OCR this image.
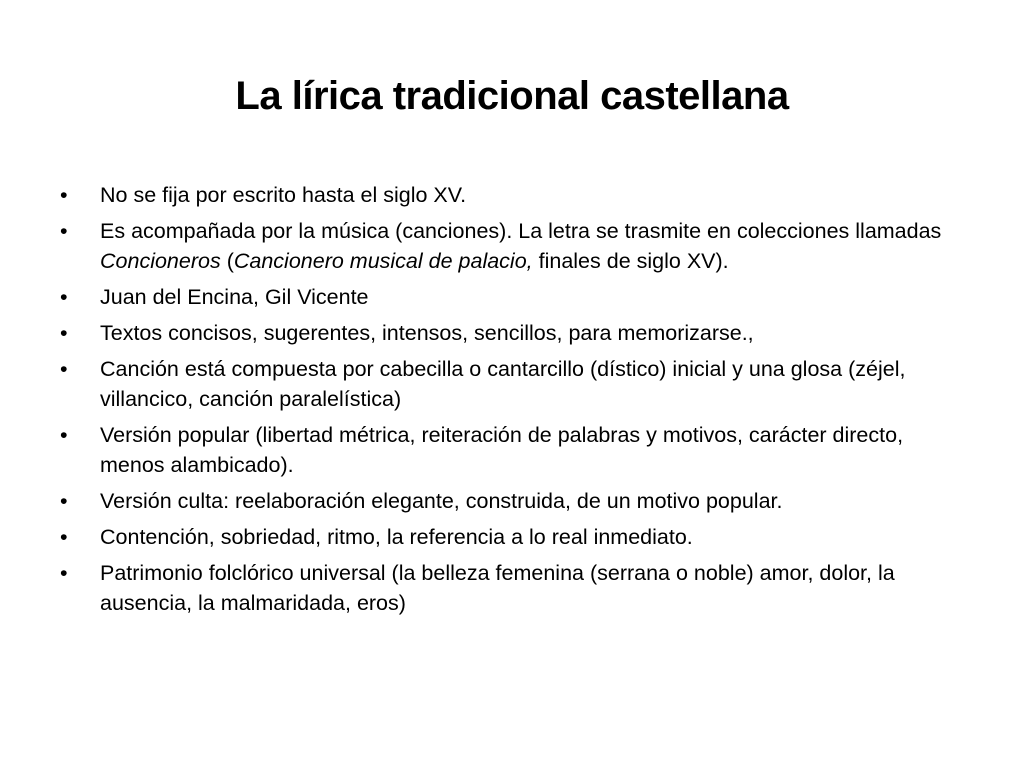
La lírica tradicional castellana
•	No se fija por escrito hasta el siglo XV.
•	Es acompañada por la música (canciones). La letra se trasmite en colecciones llamadas Concioneros (Cancionero musical de palacio, finales de siglo XV).
•	Juan del Encina, Gil Vicente
•	Textos concisos, sugerentes, intensos, sencillos, para memorizarse.,
•	Canción está compuesta por cabecilla o cantarcillo (dístico) inicial y una glosa (zéjel, villancico, canción paralelística)
•	Versión popular (libertad métrica, reiteración de palabras y motivos, carácter directo, menos alambicado).
•	Versión culta: reelaboración elegante, construida, de un motivo popular.
•	Contención, sobriedad, ritmo, la referencia a lo real inmediato.
•	Patrimonio folclórico universal (la belleza femenina (serrana o noble) amor, dolor, la ausencia, la malmaridada, eros)
